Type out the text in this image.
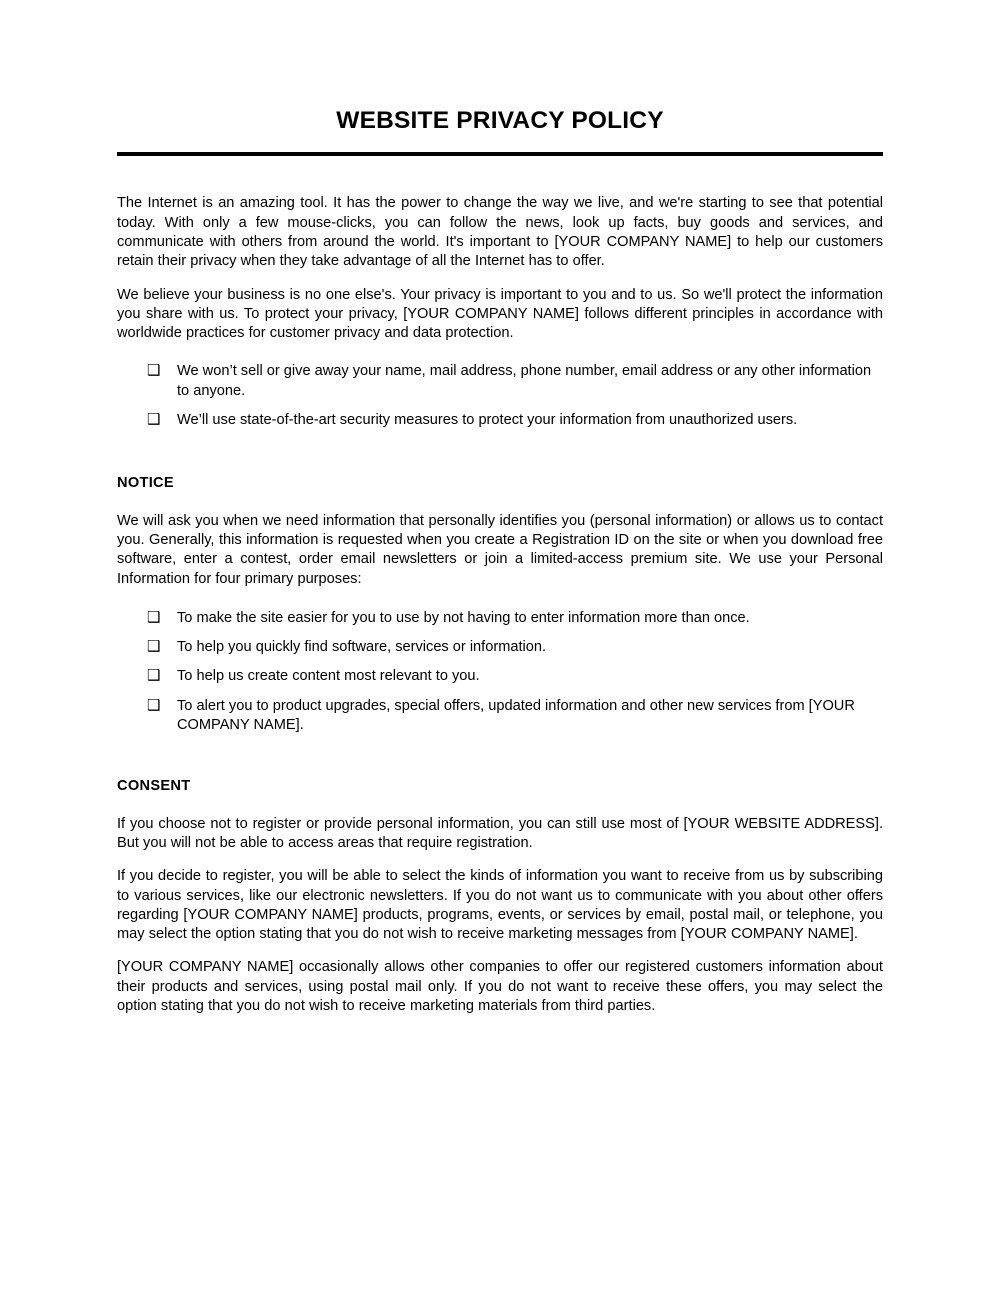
WEBSITE PRIVACY POLICY

The Internet is an amazing tool. It has the power to change the way we live, and we're starting to see that potential today. With only a few mouse-clicks, you can follow the news, look up facts, buy goods and services, and communicate with others from around the world. It's important to [YOUR COMPANY NAME] to help our customers retain their privacy when they take advantage of all the Internet has to offer.

We believe your business is no one else's. Your privacy is important to you and to us. So we'll protect the information you share with us. To protect your privacy, [YOUR COMPANY NAME] follows different principles in accordance with worldwide practices for customer privacy and data protection.

❑ We won’t sell or give away your name, mail address, phone number, email address or any other information to anyone.
❑ We’ll use state-of-the-art security measures to protect your information from unauthorized users.
NOTICE

We will ask you when we need information that personally identifies you (personal information) or allows us to contact you. Generally, this information is requested when you create a Registration ID on the site or when you download free software, enter a contest, order email newsletters or join a limited-access premium site. We use your Personal Information for four primary purposes:

❑ To make the site easier for you to use by not having to enter information more than once.
❑ To help you quickly find software, services or information.
❑ To help us create content most relevant to you.
❑ To alert you to product upgrades, special offers, updated information and other new services from [YOUR COMPANY NAME].
CONSENT

If you choose not to register or provide personal information, you can still use most of [YOUR WEBSITE ADDRESS]. But you will not be able to access areas that require registration.

If you decide to register, you will be able to select the kinds of information you want to receive from us by subscribing to various services, like our electronic newsletters. If you do not want us to communicate with you about other offers regarding [YOUR COMPANY NAME] products, programs, events, or services by email, postal mail, or telephone, you may select the option stating that you do not wish to receive marketing messages from [YOUR COMPANY NAME].

[YOUR COMPANY NAME] occasionally allows other companies to offer our registered customers information about their products and services, using postal mail only. If you do not want to receive these offers, you may select the option stating that you do not wish to receive marketing materials from third parties.
